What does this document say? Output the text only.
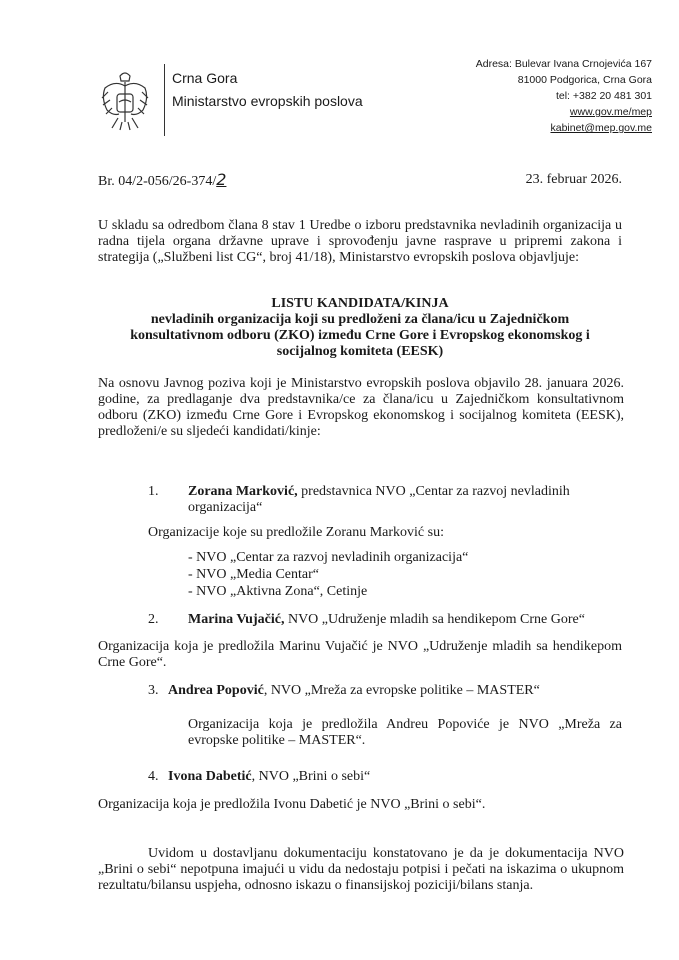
Crna Gora
Ministarstvo evropskih poslova
Adresa: Bulevar Ivana Crnojevića 167
81000 Podgorica, Crna Gora
tel: +382 20 481 301
www.gov.me/mep
kabinet@mep.gov.me
Br. 04/2-056/26-374/2	23. februar 2026.
U skladu sa odredbom člana 8 stav 1 Uredbe o izboru predstavnika nevladinih organizacija u radna tijela organa državne uprave i sprovođenju javne rasprave u pripremi zakona i strategija („Službeni list CG“, broj 41/18), Ministarstvo evropskih poslova objavljuje:
LISTU KANDIDATA/KINJA
nevladinih organizacija koji su predloženi za člana/icu u Zajedničkom
konsultativnom odboru (ZKO) između Crne Gore i Evropskog ekonomskog i
socijalnog komiteta (EESK)
Na osnovu Javnog poziva koji je Ministarstvo evropskih poslova objavilo 28. januara 2026. godine, za predlaganje dva predstavnika/ce za člana/icu u Zajedničkom konsultativnom odboru (ZKO) između Crne Gore i Evropskog ekonomskog i socijalnog komiteta (EESK), predloženi/e su sljedeći kandidati/kinje:
1. Zorana Marković, predstavnica NVO „Centar za razvoj nevladinih
organizacija“
Organizacije koje su predložile Zoranu Marković su:
- NVO „Centar za razvoj nevladinih organizacija“
- NVO „Media Centar“
- NVO „Aktivna Zona“, Cetinje
2. Marina Vujačić, NVO „Udruženje mladih sa hendikepom Crne Gore“
Organizacija koja je predložila Marinu Vujačić je NVO „Udruženje mladih sa hendikepom Crne Gore“.
3. Andrea Popović, NVO „Mreža za evropske politike – MASTER“
Organizacija koja je predložila Andreu Popoviće je NVO „Mreža za evropske politike – MASTER“.
4. Ivona Dabetić, NVO „Brini o sebi“
Organizacija koja je predložila Ivonu Dabetić je NVO „Brini o sebi“.
Uvidom u dostavljanu dokumentaciju konstatovano je da je dokumentacija NVO „Brini o sebi“ nepotpuna imajući u vidu da nedostaju potpisi i pečati na iskazima o ukupnom rezultatu/bilansu uspjeha, odnosno iskazu o finansijskoj poziciji/bilans stanja.
